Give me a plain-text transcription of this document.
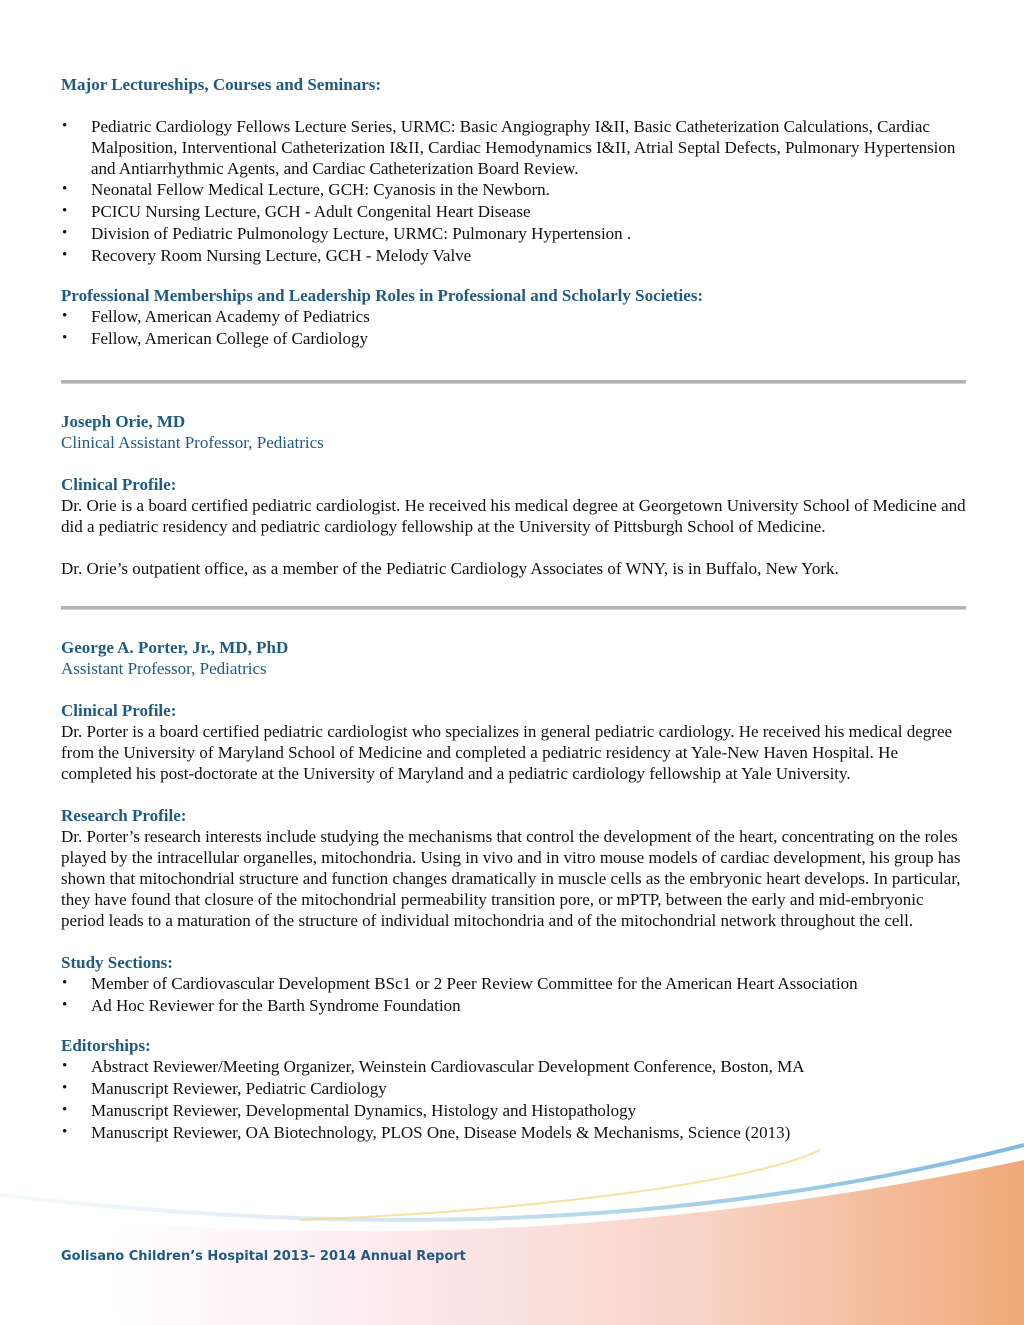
Major Lectureships, Courses and Seminars:
• Pediatric Cardiology Fellows Lecture Series, URMC: Basic Angiography I&II, Basic Catheterization Calculations, Cardiac Malposition, Interventional Catheterization I&II, Cardiac Hemodynamics I&II, Atrial Septal Defects, Pulmonary Hypertension and Antiarrhythmic Agents, and Cardiac Catheterization Board Review.
• Neonatal Fellow Medical Lecture, GCH: Cyanosis in the Newborn.
• PCICU Nursing Lecture, GCH - Adult Congenital Heart Disease
• Division of Pediatric Pulmonology Lecture, URMC: Pulmonary Hypertension .
• Recovery Room Nursing Lecture, GCH - Melody Valve
Professional Memberships and Leadership Roles in Professional and Scholarly Societies:
• Fellow, American Academy of Pediatrics
• Fellow, American College of Cardiology
Joseph Orie, MD
Clinical Assistant Professor, Pediatrics
Clinical Profile:

Dr. Orie is a board certified pediatric cardiologist. He received his medical degree at Georgetown University School of Medicine and did a pediatric residency and pediatric cardiology fellowship at the University of Pittsburgh School of Medicine.

Dr. Orie’s outpatient office, as a member of the Pediatric Cardiology Associates of WNY, is in Buffalo, New York.

George A. Porter, Jr., MD, PhD
Assistant Professor, Pediatrics
Clinical Profile:

Dr. Porter is a board certified pediatric cardiologist who specializes in general pediatric cardiology. He received his medical degree from the University of Maryland School of Medicine and completed a pediatric residency at Yale-New Haven Hospital. He completed his post-doctorate at the University of Maryland and a pediatric cardiology fellowship at Yale University.

Research Profile:

Dr. Porter’s research interests include studying the mechanisms that control the development of the heart, concentrating on the roles played by the intracellular organelles, mitochondria. Using in vivo and in vitro mouse models of cardiac development, his group has shown that mitochondrial structure and function changes dramatically in muscle cells as the embryonic heart develops. In particular, they have found that closure of the mitochondrial permeability transition pore, or mPTP, between the early and mid-embryonic period leads to a maturation of the structure of individual mitochondria and of the mitochondrial network throughout the cell.

Study Sections:
• Member of Cardiovascular Development BSc1 or 2 Peer Review Committee for the American Heart Association
• Ad Hoc Reviewer for the Barth Syndrome Foundation
Editorships:
• Abstract Reviewer/Meeting Organizer, Weinstein Cardiovascular Development Conference, Boston, MA
• Manuscript Reviewer, Pediatric Cardiology
• Manuscript Reviewer, Developmental Dynamics, Histology and Histopathology
• Manuscript Reviewer, OA Biotechnology, PLOS One, Disease Models & Mechanisms, Science (2013)
Golisano Children’s Hospital 2013– 2014 Annual Report
